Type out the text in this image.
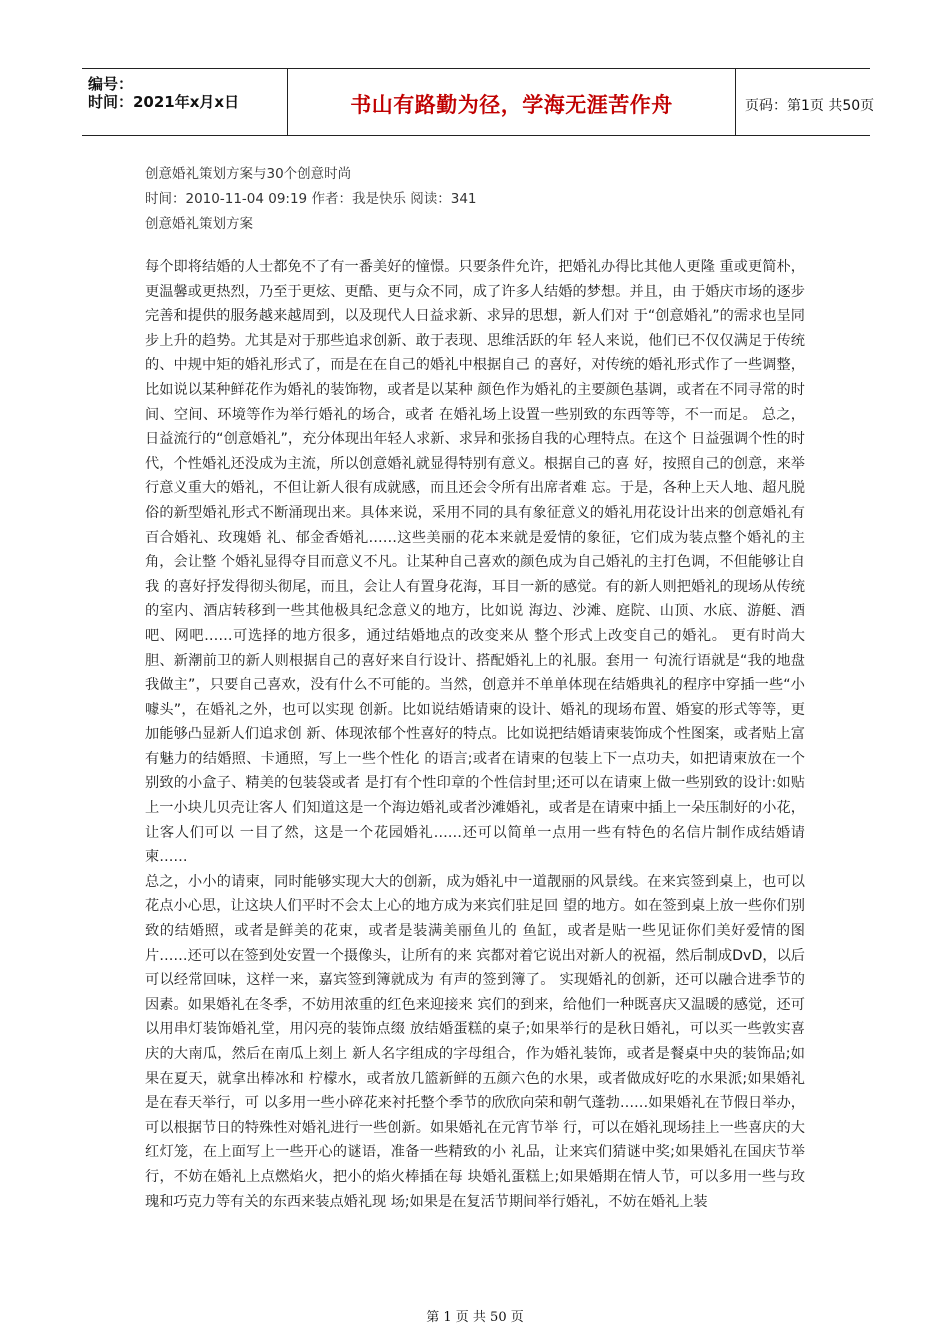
编号：
时间：2021年x月x日	书山有路勤为径，学海无涯苦作舟	页码：第1页 共50页
创意婚礼策划方案与30个创意时尚
时间：2010-11-04 09:19 作者：我是快乐 阅读：341
创意婚礼策划方案

每个即将结婚的人士都免不了有一番美好的憧憬。只要条件允许，把婚礼办得比其他人更隆 重或更简朴，更温馨或更热烈，乃至于更炫、更酷、更与众不同，成了许多人结婚的梦想。并且，由 于婚庆市场的逐步完善和提供的服务越来越周到，以及现代人日益求新、求异的思想，新人们对 于“创意婚礼”的需求也呈同步上升的趋势。尤其是对于那些追求创新、敢于表现、思维活跃的年 轻人来说，他们已不仅仅满足于传统的、中规中矩的婚礼形式了，而是在在自己的婚礼中根据自己 的喜好，对传统的婚礼形式作了一些调整，比如说以某种鲜花作为婚礼的装饰物，或者是以某种 颜色作为婚礼的主要颜色基调，或者在不同寻常的时间、空间、环境等作为举行婚礼的场合，或者 在婚礼场上设置一些别致的东西等等，不一而足。 总之，日益流行的“创意婚礼”，充分体现出年轻人求新、求异和张扬自我的心理特点。在这个 日益强调个性的时代，个性婚礼还没成为主流，所以创意婚礼就显得特别有意义。根据自己的喜 好，按照自己的创意，来举行意义重大的婚礼，不但让新人很有成就感，而且还会令所有出席者难 忘。于是，各种上天人地、超凡脱俗的新型婚礼形式不断涌现出来。具体来说，采用不同的具有象征意义的婚礼用花设计出来的创意婚礼有百合婚礼、玫瑰婚 礼、郁金香婚礼……这些美丽的花本来就是爱情的象征，它们成为装点整个婚礼的主角，会让整 个婚礼显得夺目而意义不凡。让某种自己喜欢的颜色成为自己婚礼的主打色调，不但能够让自我 的喜好抒发得彻头彻尾，而且，会让人有置身花海，耳目一新的感觉。有的新人则把婚礼的现场从传统的室内、酒店转移到一些其他极具纪念意义的地方，比如说 海边、沙滩、庭院、山顶、水底、游艇、酒吧、网吧……可选择的地方很多，通过结婚地点的改变来从 整个形式上改变自己的婚礼。 更有时尚大胆、新潮前卫的新人则根据自己的喜好来自行设计、搭配婚礼上的礼服。套用一 句流行语就是“我的地盘我做主”，只要自己喜欢，没有什么不可能的。当然，创意并不单单体现在结婚典礼的程序中穿插一些“小噱头”，在婚礼之外，也可以实现 创新。比如说结婚请柬的设计、婚礼的现场布置、婚宴的形式等等，更加能够凸显新人们追求创 新、体现浓郁个性喜好的特点。比如说把结婚请柬装饰成个性图案，或者贴上富有魅力的结婚照、卡通照，写上一些个性化 的语言;或者在请柬的包装上下一点功夫，如把请柬放在一个别致的小盒子、精美的包装袋或者 是打有个性印章的个性信封里;还可以在请柬上做一些别致的设计:如贴上一小块儿贝壳让客人 们知道这是一个海边婚礼或者沙滩婚礼，或者是在请柬中插上一朵压制好的小花，让客人们可以 一目了然，这是一个花园婚礼……还可以简单一点用一些有特色的名信片制作成结婚请柬……

总之，小小的请柬，同时能够实现大大的创新，成为婚礼中一道靓丽的风景线。在来宾签到桌上，也可以花点小心思，让这块人们平时不会太上心的地方成为来宾们驻足回 望的地方。如在签到桌上放一些你们别致的结婚照，或者是鲜美的花束，或者是装满美丽鱼儿的 鱼缸，或者是贴一些见证你们美好爱情的图片……还可以在签到处安置一个摄像头，让所有的来 宾都对着它说出对新人的祝福，然后制成DvD，以后可以经常回味，这样一来，嘉宾签到簿就成为 有声的签到簿了。 实现婚礼的创新，还可以融合进季节的因素。如果婚礼在冬季，不妨用浓重的红色来迎接来 宾们的到来，给他们一种既喜庆又温暖的感觉，还可以用串灯装饰婚礼堂，用闪亮的装饰点缀 放结婚蛋糕的桌子;如果举行的是秋日婚礼，可以买一些敦实喜庆的大南瓜，然后在南瓜上刻上 新人名字组成的字母组合，作为婚礼装饰，或者是餐桌中央的装饰品;如果在夏天，就拿出棒冰和 柠檬水，或者放几篮新鲜的五颜六色的水果，或者做成好吃的水果派;如果婚礼是在春天举行，可 以多用一些小碎花来衬托整个季节的欣欣向荣和朝气蓬勃……如果婚礼在节假日举办，可以根据节日的特殊性对婚礼进行一些创新。如果婚礼在元宵节举 行，可以在婚礼现场挂上一些喜庆的大红灯笼，在上面写上一些开心的谜语，准备一些精致的小 礼品，让来宾们猜谜中奖;如果婚礼在国庆节举行，不妨在婚礼上点燃焰火，把小的焰火棒插在每 块婚礼蛋糕上;如果婚期在情人节，可以多用一些与玫瑰和巧克力等有关的东西来装点婚礼现 场;如果是在复活节期间举行婚礼，不妨在婚礼上装

第 1 页 共 50 页
